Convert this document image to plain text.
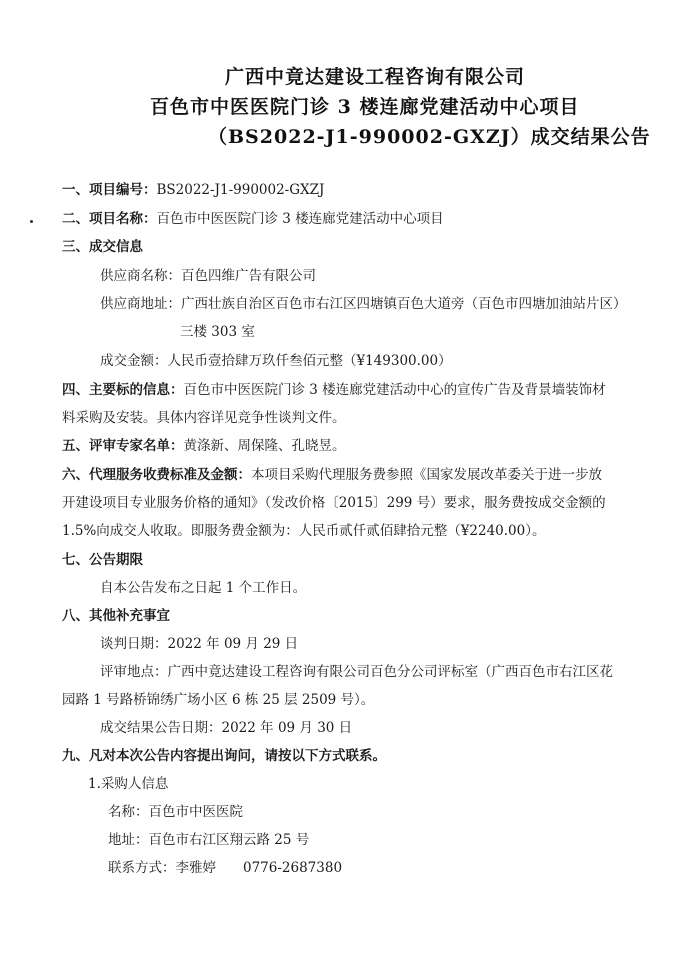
广西中竟达建设工程咨询有限公司
百色市中医医院门诊 3 楼连廊党建活动中心项目
（BS2022-J1-990002-GXZJ）成交结果公告
一、项目编号：BS2022-J1-990002-GXZJ
二、项目名称：百色市中医医院门诊 3 楼连廊党建活动中心项目
三、成交信息
供应商名称：百色四维广告有限公司
供应商地址：广西壮族自治区百色市右江区四塘镇百色大道旁（百色市四塘加油站片区）
三楼 303 室
成交金额：人民币壹拾肆万玖仟叁佰元整（¥149300.00）
四、主要标的信息：百色市中医医院门诊 3 楼连廊党建活动中心的宣传广告及背景墙装饰材
料采购及安装。具体内容详见竞争性谈判文件。
五、评审专家名单：黄涤新、周保隆、孔晓昱。
六、代理服务收费标准及金额：本项目采购代理服务费参照《国家发展改革委关于进一步放
开建设项目专业服务价格的通知》（发改价格〔2015〕299 号）要求，服务费按成交金额的
1.5%向成交人收取。即服务费金额为：人民币贰仟贰佰肆拾元整（¥2240.00）。
七、公告期限
自本公告发布之日起 1 个工作日。
八、其他补充事宜
谈判日期：2022 年 09 月 29 日
评审地点：广西中竟达建设工程咨询有限公司百色分公司评标室（广西百色市右江区花
园路 1 号路桥锦绣广场小区 6 栋 25 层 2509 号）。
成交结果公告日期：2022 年 09 月 30 日
九、凡对本次公告内容提出询问，请按以下方式联系。
1.采购人信息
名称：百色市中医医院
地址：百色市右江区翔云路 25 号
联系方式：李雅婷　　0776-2687380
